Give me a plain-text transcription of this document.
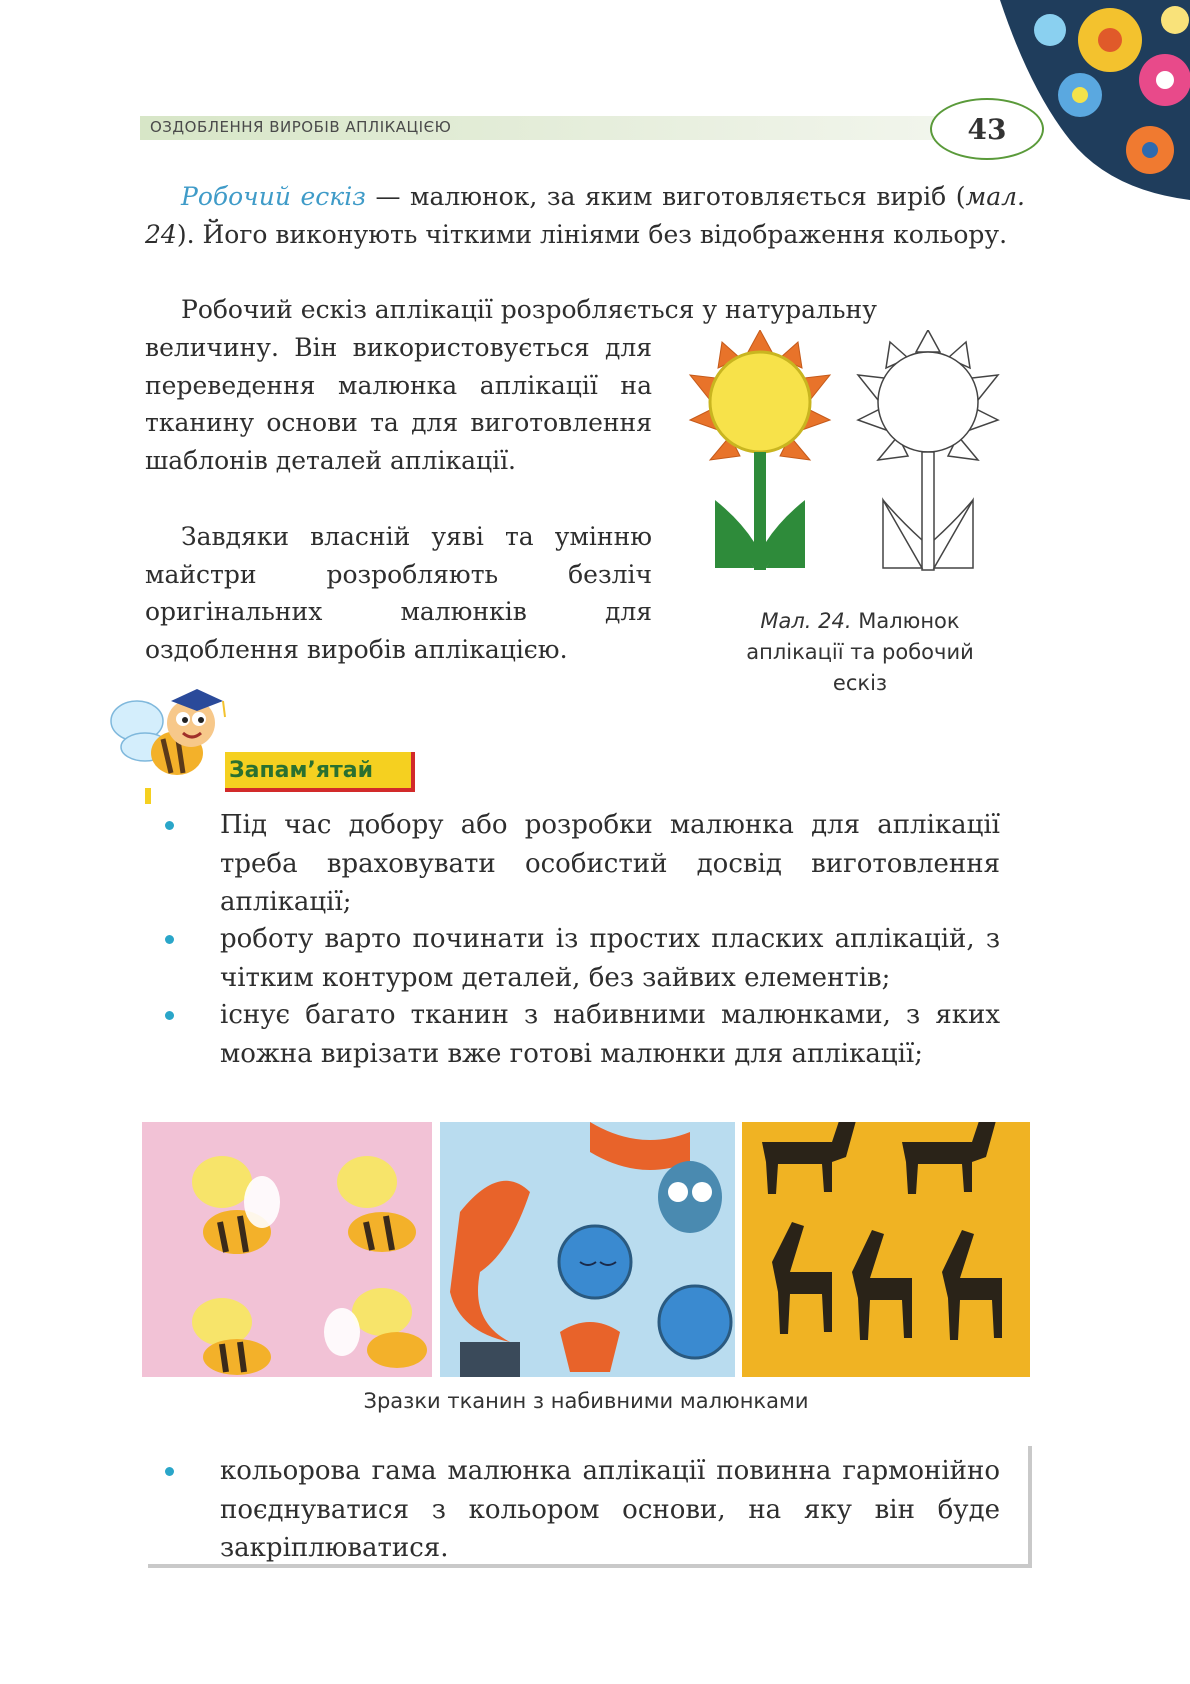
ОЗДОБЛЕННЯ ВИРОБІВ АПЛІКАЦІЄЮ	43
Робочий ескіз — малюнок, за яким виготовляється виріб (мал. 24). Його виконують чіткими лініями без відображення кольору.
Робочий ескіз аплікації розробляється у натуральну
величину. Він використовується для переведення малюнка аплікації на тканину основи та для виготовлення шаблонів деталей аплікації.
Завдяки власній уяві та умінню майстри розробляють безліч оригінальних малюнків для оздоблення виробів аплікацією.
Мал. 24. Малюнок аплікації та робочий ескіз
Запам’ятай
Під час добору або розробки малюнка для аплікації треба враховувати особистий досвід виготовлення аплікації;
роботу варто починати із простих пласких аплікацій, з чітким контуром деталей, без зайвих елементів;
існує багато тканин з набивними малюнками, з яких можна вирізати вже готові малюнки для аплікації;
Зразки тканин з набивними малюнками
кольорова гама малюнка аплікації повинна гармонійно поєднуватися з кольором основи, на яку він буде закріплюватися.
